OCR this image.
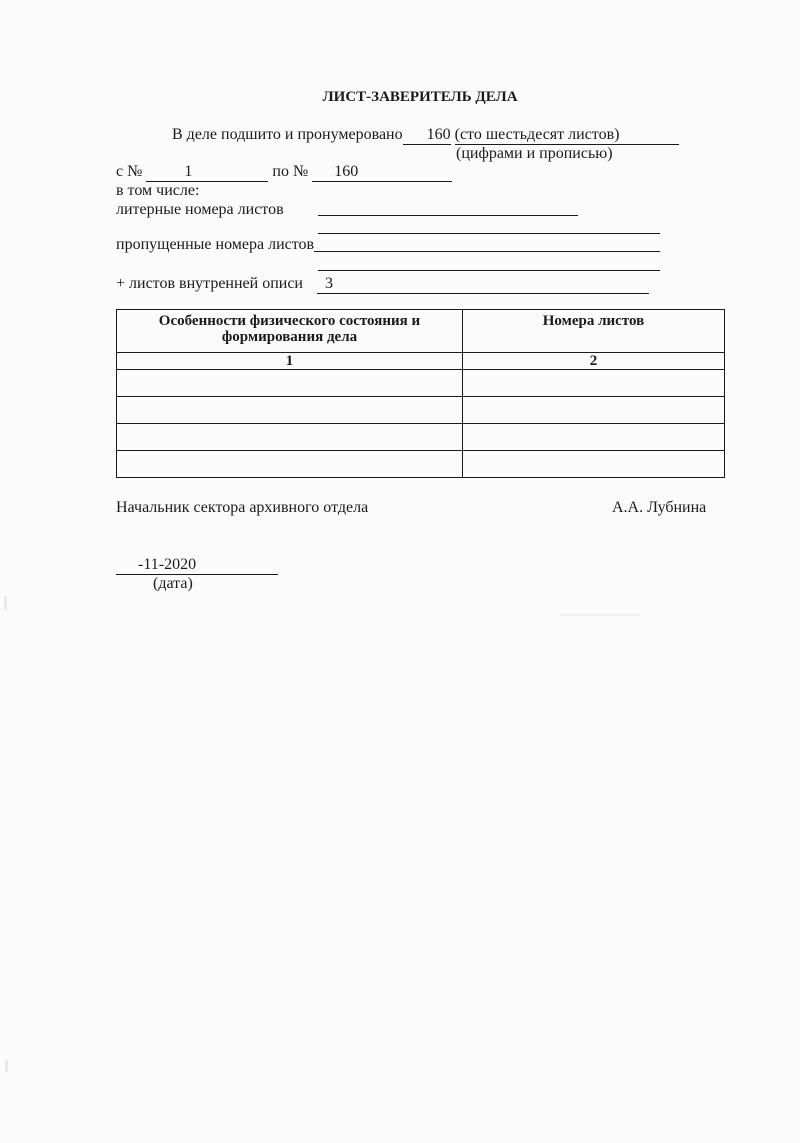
ЛИСТ-ЗАВЕРИТЕЛЬ ДЕЛА
В деле подшито и пронумеровано 160 (сто шестьдесят листов)
(цифрами и прописью)
с №	1	по № 160
в том числе:
литерные номера листов
пропущенные номера листов
+ листов внутренней описи 3
Особенности физического состояния и формирования дела	Номера листов
1	2

Начальник сектора архивного отдела	А.А. Лубнина
-11-2020
(дата)
